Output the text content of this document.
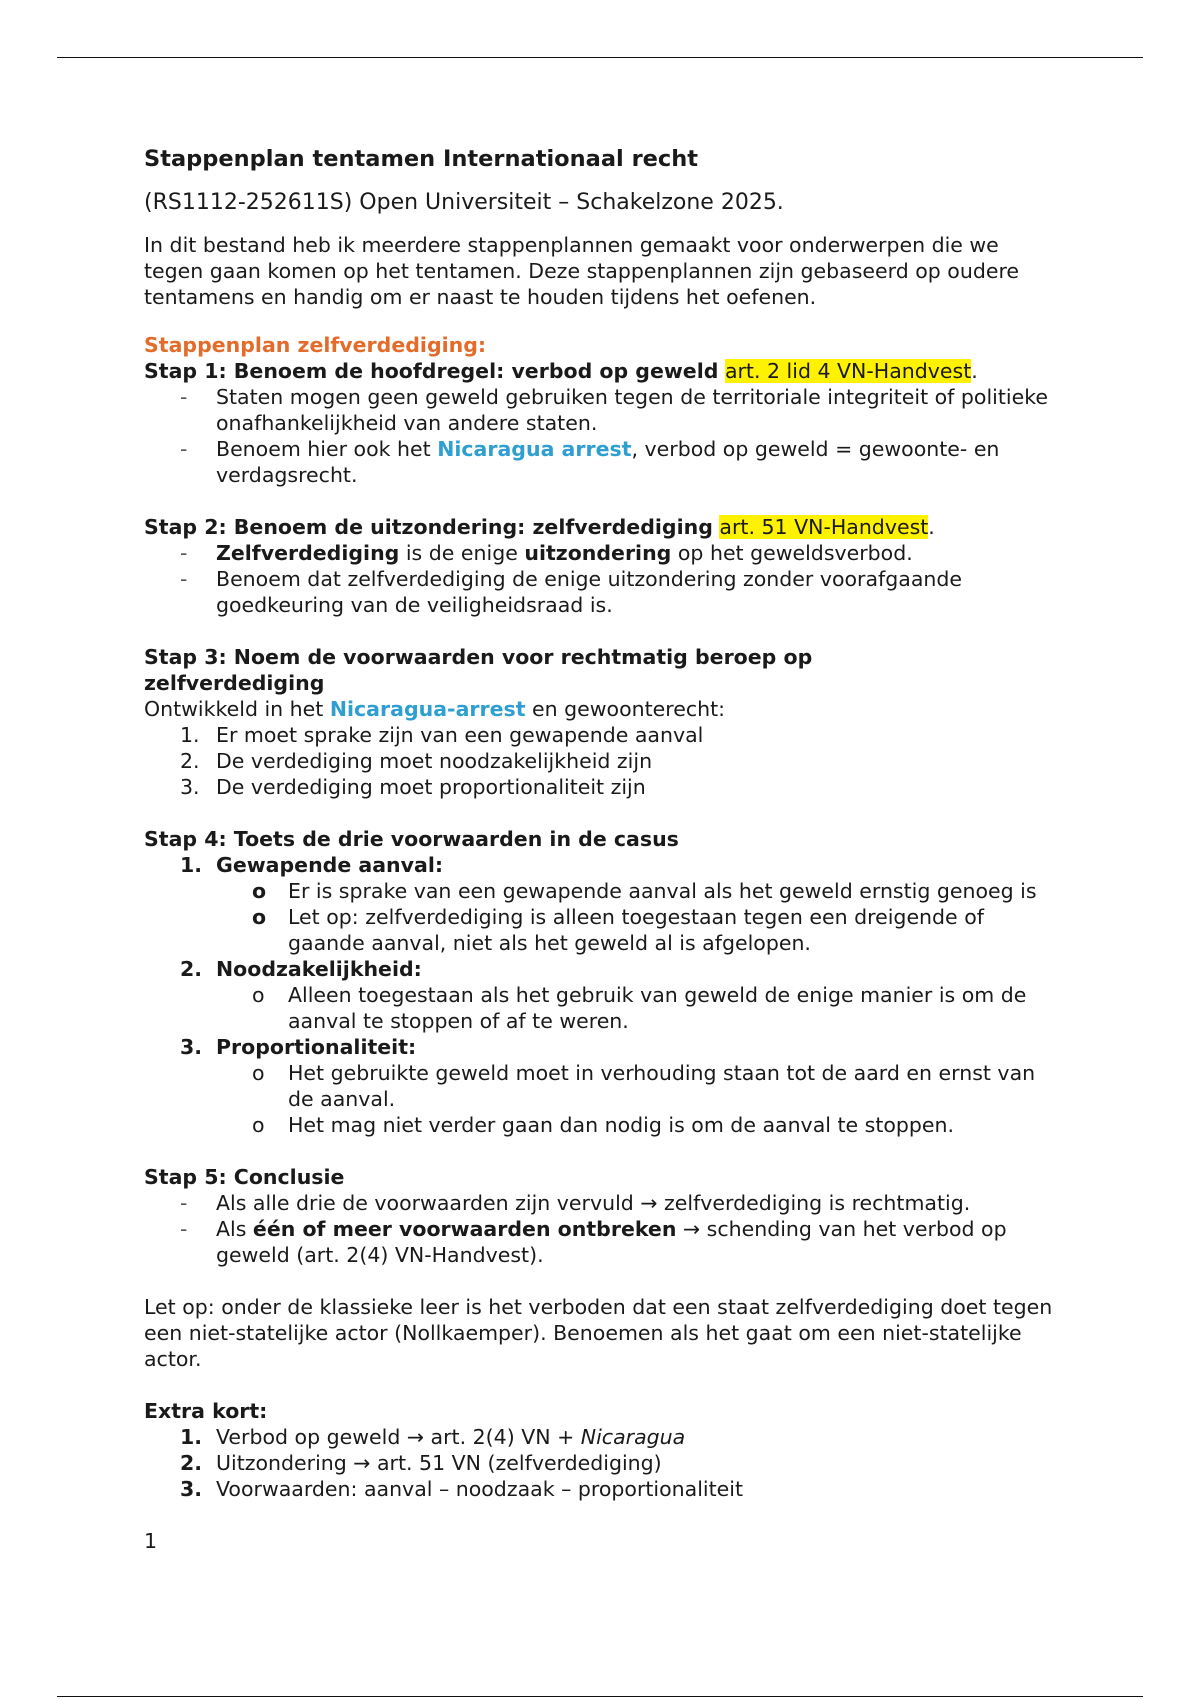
Stappenplan tentamen Internationaal recht
(RS1112-252611S) Open Universiteit – Schakelzone 2025.

In dit bestand heb ik meerdere stappenplannen gemaakt voor onderwerpen die we tegen gaan komen op het tentamen. Deze stappenplannen zijn gebaseerd op oudere tentamens en handig om er naast te houden tijdens het oefenen.

Stappenplan zelfverdediging:
Stap 1: Benoem de hoofdregel: verbod op geweld art. 2 lid 4 VN-Handvest.
- Staten mogen geen geweld gebruiken tegen de territoriale integriteit of politieke onafhankelijkheid van andere staten.
- Benoem hier ook het Nicaragua arrest, verbod op geweld = gewoonte- en verdagsrecht.
Stap 2: Benoem de uitzondering: zelfverdediging art. 51 VN-Handvest.
- Zelfverdediging is de enige uitzondering op het geweldsverbod.
- Benoem dat zelfverdediging de enige uitzondering zonder voorafgaande goedkeuring van de veiligheidsraad is.
Stap 3: Noem de voorwaarden voor rechtmatig beroep op zelfverdediging
Ontwikkeld in het Nicaragua-arrest en gewoonterecht:
1. Er moet sprake zijn van een gewapende aanval
2. De verdediging moet noodzakelijkheid zijn
3. De verdediging moet proportionaliteit zijn
Stap 4: Toets de drie voorwaarden in de casus
1. Gewapende aanval:
o Er is sprake van een gewapende aanval als het geweld ernstig genoeg is
o Let op: zelfverdediging is alleen toegestaan tegen een dreigende of gaande aanval, niet als het geweld al is afgelopen.
2. Noodzakelijkheid:
o Alleen toegestaan als het gebruik van geweld de enige manier is om de aanval te stoppen of af te weren.
3. Proportionaliteit:
o Het gebruikte geweld moet in verhouding staan tot de aard en ernst van de aanval.
o Het mag niet verder gaan dan nodig is om de aanval te stoppen.
Stap 5: Conclusie
- Als alle drie de voorwaarden zijn vervuld → zelfverdediging is rechtmatig.
- Als één of meer voorwaarden ontbreken → schending van het verbod op geweld (art. 2(4) VN-Handvest).

Let op: onder de klassieke leer is het verboden dat een staat zelfverdediging doet tegen een niet-statelijke actor (Nollkaemper). Benoemen als het gaat om een niet-statelijke actor.

Extra kort:
1. Verbod op geweld → art. 2(4) VN + Nicaragua
2. Uitzondering → art. 51 VN (zelfverdediging)
3. Voorwaarden: aanval – noodzaak – proportionaliteit
1
